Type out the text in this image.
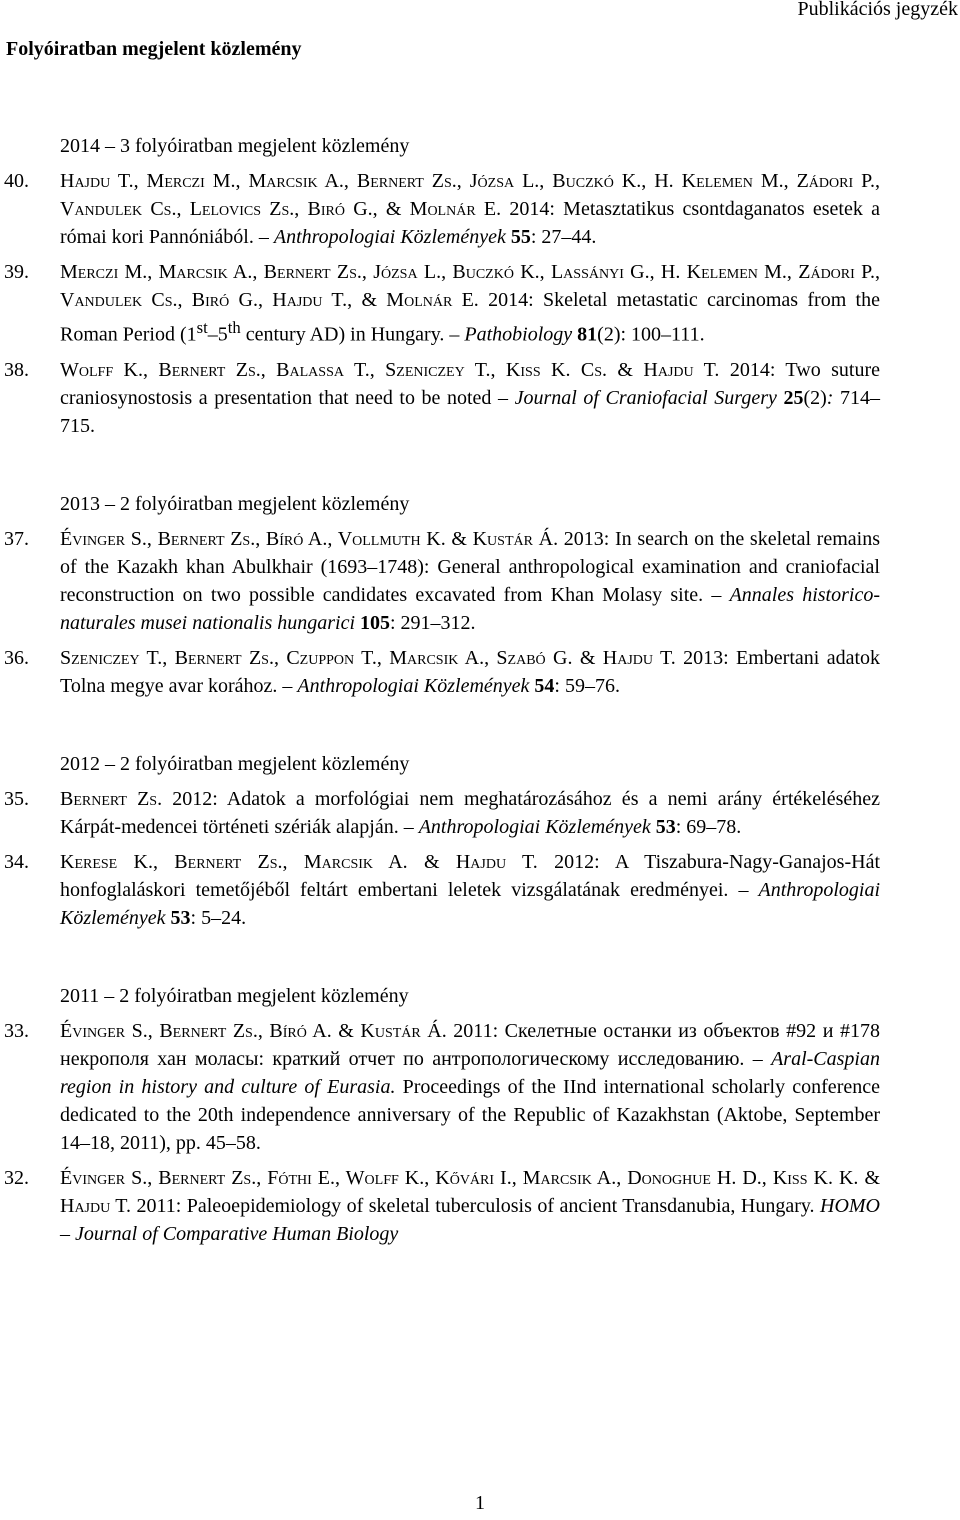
Publikációs jegyzék
Folyóiratban megjelent közlemény
2014 – 3 folyóiratban megjelent közlemény
40.	Hajdu T., Merczi M., Marcsik A., Bernert Zs., Józsa L., Buczkó K., H. Kelemen M., Zádori P., Vandulek Cs., Lelovics Zs., Biró G., & Molnár E. 2014: Metasztatikus csontdaganatos esetek a római kori Pannóniából. – Anthropologiai Közlemények 55: 27–44.
39.	Merczi M., Marcsik A., Bernert Zs., Józsa L., Buczkó K., Lassányi G., H. Kelemen M., Zádori P., Vandulek Cs., Biró G., Hajdu T., & Molnár E. 2014: Skeletal metastatic carcinomas from the Roman Period (1st–5th century AD) in Hungary. – Pathobiology 81(2): 100–111.
38.	Wolff K., Bernert Zs., Balassa T., Szeniczey T., Kiss K. Cs. & Hajdu T. 2014: Two suture craniosynostosis a presentation that need to be noted – Journal of Craniofacial Surgery 25(2): 714–715.
2013 – 2 folyóiratban megjelent közlemény
37.	Évinger S., Bernert Zs., Bíró A., Vollmuth K. & Kustár Á. 2013: In search on the skeletal remains of the Kazakh khan Abulkhair (1693–1748): General anthropological examination and craniofacial reconstruction on two possible candidates excavated from Khan Molasy site. – Annales historico-naturales musei nationalis hungarici 105: 291–312.
36.	Szeniczey T., Bernert Zs., Czuppon T., Marcsik A., Szabó G. & Hajdu T. 2013: Embertani adatok Tolna megye avar korához. – Anthropologiai Közlemények 54: 59–76.
2012 – 2 folyóiratban megjelent közlemény
35.	Bernert Zs. 2012: Adatok a morfológiai nem meghatározásához és a nemi arány értékeléséhez Kárpát-medencei történeti szériák alapján. – Anthropologiai Közlemények 53: 69–78.
34.	Kerese K., Bernert Zs., Marcsik A. & Hajdu T. 2012: A Tiszabura-Nagy-Ganajos-Hát honfoglaláskori temetőjéből feltárt embertani leletek vizsgálatának eredményei. – Anthropologiai Közlemények 53: 5–24.
2011 – 2 folyóiratban megjelent közlemény
33.	Évinger S., Bernert Zs., Bíró A. & Kustár Á. 2011: Скелетные останки из объектов #92 и #178 некрополя хан моласы: краткий отчет по антропологическому исследованию. – Aral-Caspian region in history and culture of Eurasia. Proceedings of the IInd international scholarly conference dedicated to the 20th independence anniversary of the Republic of Kazakhstan (Aktobe, September 14–18, 2011), pp. 45–58.
32.	Évinger S., Bernert Zs., Fóthi E., Wolff K., Kővári I., Marcsik A., Donoghue H. D., Kiss K. K. & Hajdu T. 2011: Paleoepidemiology of skeletal tuberculosis of ancient Transdanubia, Hungary. HOMO – Journal of Comparative Human Biology
1
